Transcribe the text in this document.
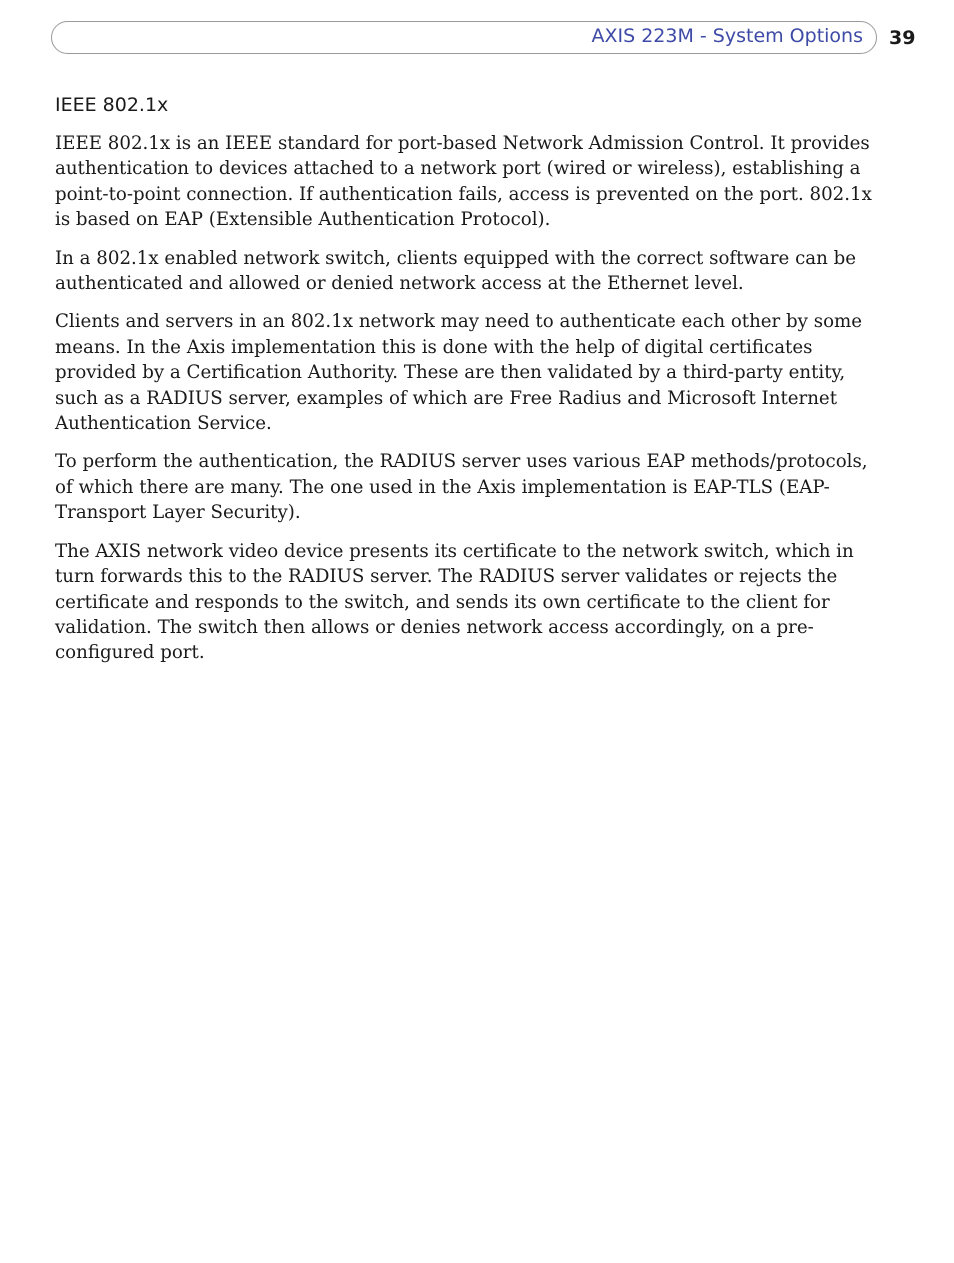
AXIS 223M - System Options 39
IEEE 802.1x

IEEE 802.1x is an IEEE standard for port-based Network Admission Control. It provides authentication to devices attached to a network port (wired or wireless), establishing a point-to-point connection. If authentication fails, access is prevented on the port. 802.1x is based on EAP (Extensible Authentication Protocol).

In a 802.1x enabled network switch, clients equipped with the correct software can be authenticated and allowed or denied network access at the Ethernet level.

Clients and servers in an 802.1x network may need to authenticate each other by some means. In the Axis implementation this is done with the help of digital certificates provided by a Certification Authority. These are then validated by a third-party entity, such as a RADIUS server, examples of which are Free Radius and Microsoft Internet Authentication Service.

To perform the authentication, the RADIUS server uses various EAP methods/protocols, of which there are many. The one used in the Axis implementation is EAP-TLS (EAP-Transport Layer Security).

The AXIS network video device presents its certificate to the network switch, which in turn forwards this to the RADIUS server. The RADIUS server validates or rejects the certificate and responds to the switch, and sends its own certificate to the client for validation. The switch then allows or denies network access accordingly, on a pre-configured port.
